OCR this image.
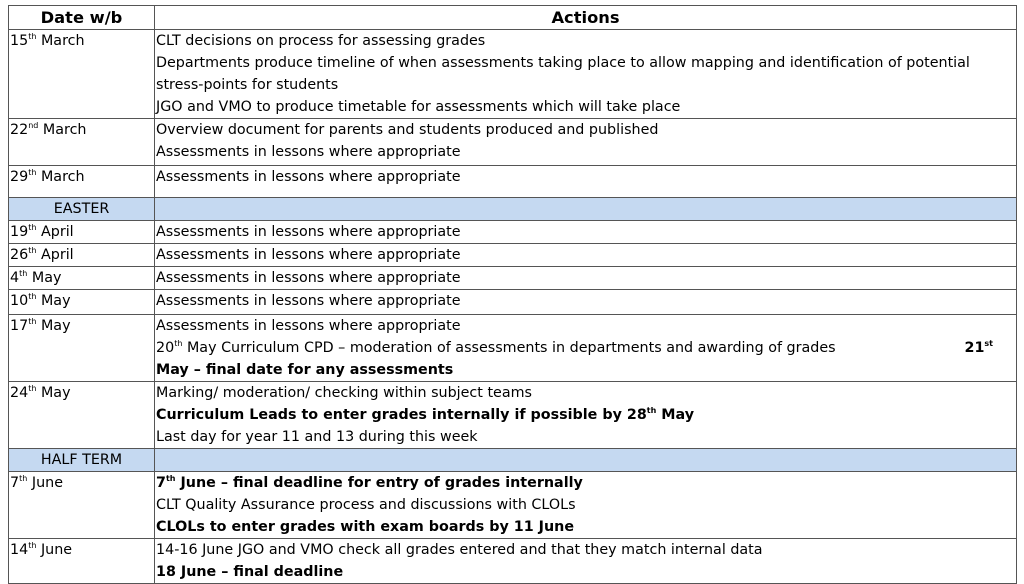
Date w/b	Actions
15th March	CLT decisions on process for assessing grades
Departments produce timeline of when assessments taking place to allow mapping and identification of potential stress-points for students
JGO and VMO to produce timetable for assessments which will take place

22nd March	Overview document for parents and students produced and published
Assessments in lessons where appropriate

29th March	Assessments in lessons where appropriate

EASTER	
19th April	Assessments in lessons where appropriate

26th April	Assessments in lessons where appropriate

4th May	Assessments in lessons where appropriate

10th May	Assessments in lessons where appropriate

17th May	Assessments in lessons where appropriate
21st
20th May Curriculum CPD – moderation of assessments in departments and awarding of grades
May – final date for any assessments

24th May	Marking/ moderation/ checking within subject teams
Curriculum Leads to enter grades internally if possible by 28th May
Last day for year 11 and 13 during this week

HALF TERM	
7th June	7th June – final deadline for entry of grades internally
CLT Quality Assurance process and discussions with CLOLs
CLOLs to enter grades with exam boards by 11 June

14th June	14-16 June JGO and VMO check all grades entered and that they match internal data
18 June – final deadline
